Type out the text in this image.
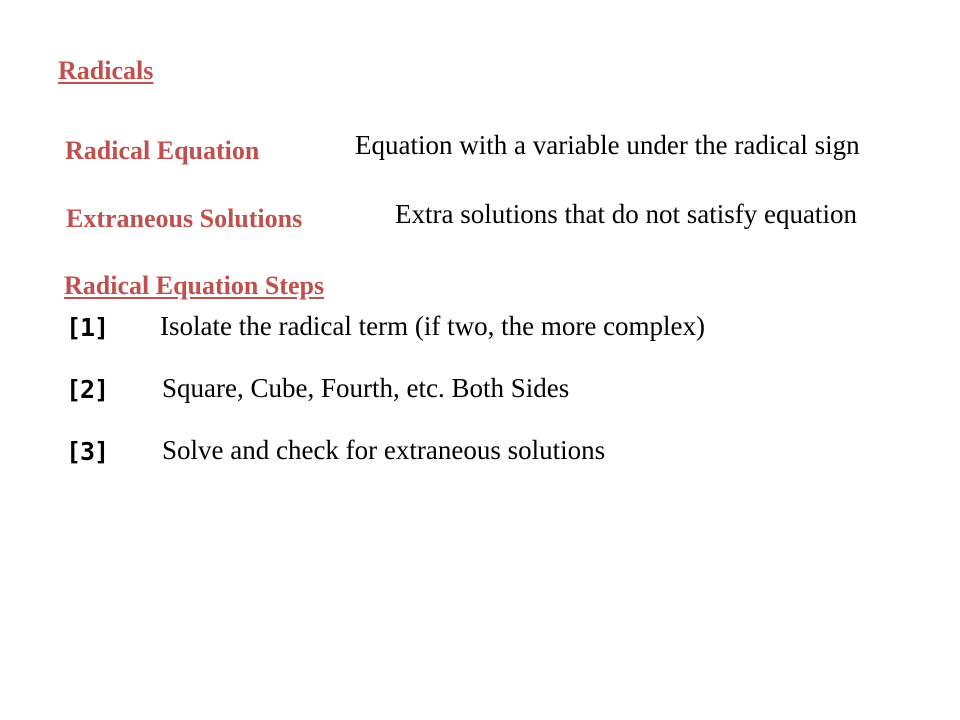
Radicals
Radical Equation	Equation with a variable under the radical sign
Extraneous Solutions	Extra solutions that do not satisfy equation
Radical Equation Steps
[1] Isolate the radical term (if two, the more complex)
[2] Square, Cube, Fourth, etc. Both Sides
[3] Solve and check for extraneous solutions
